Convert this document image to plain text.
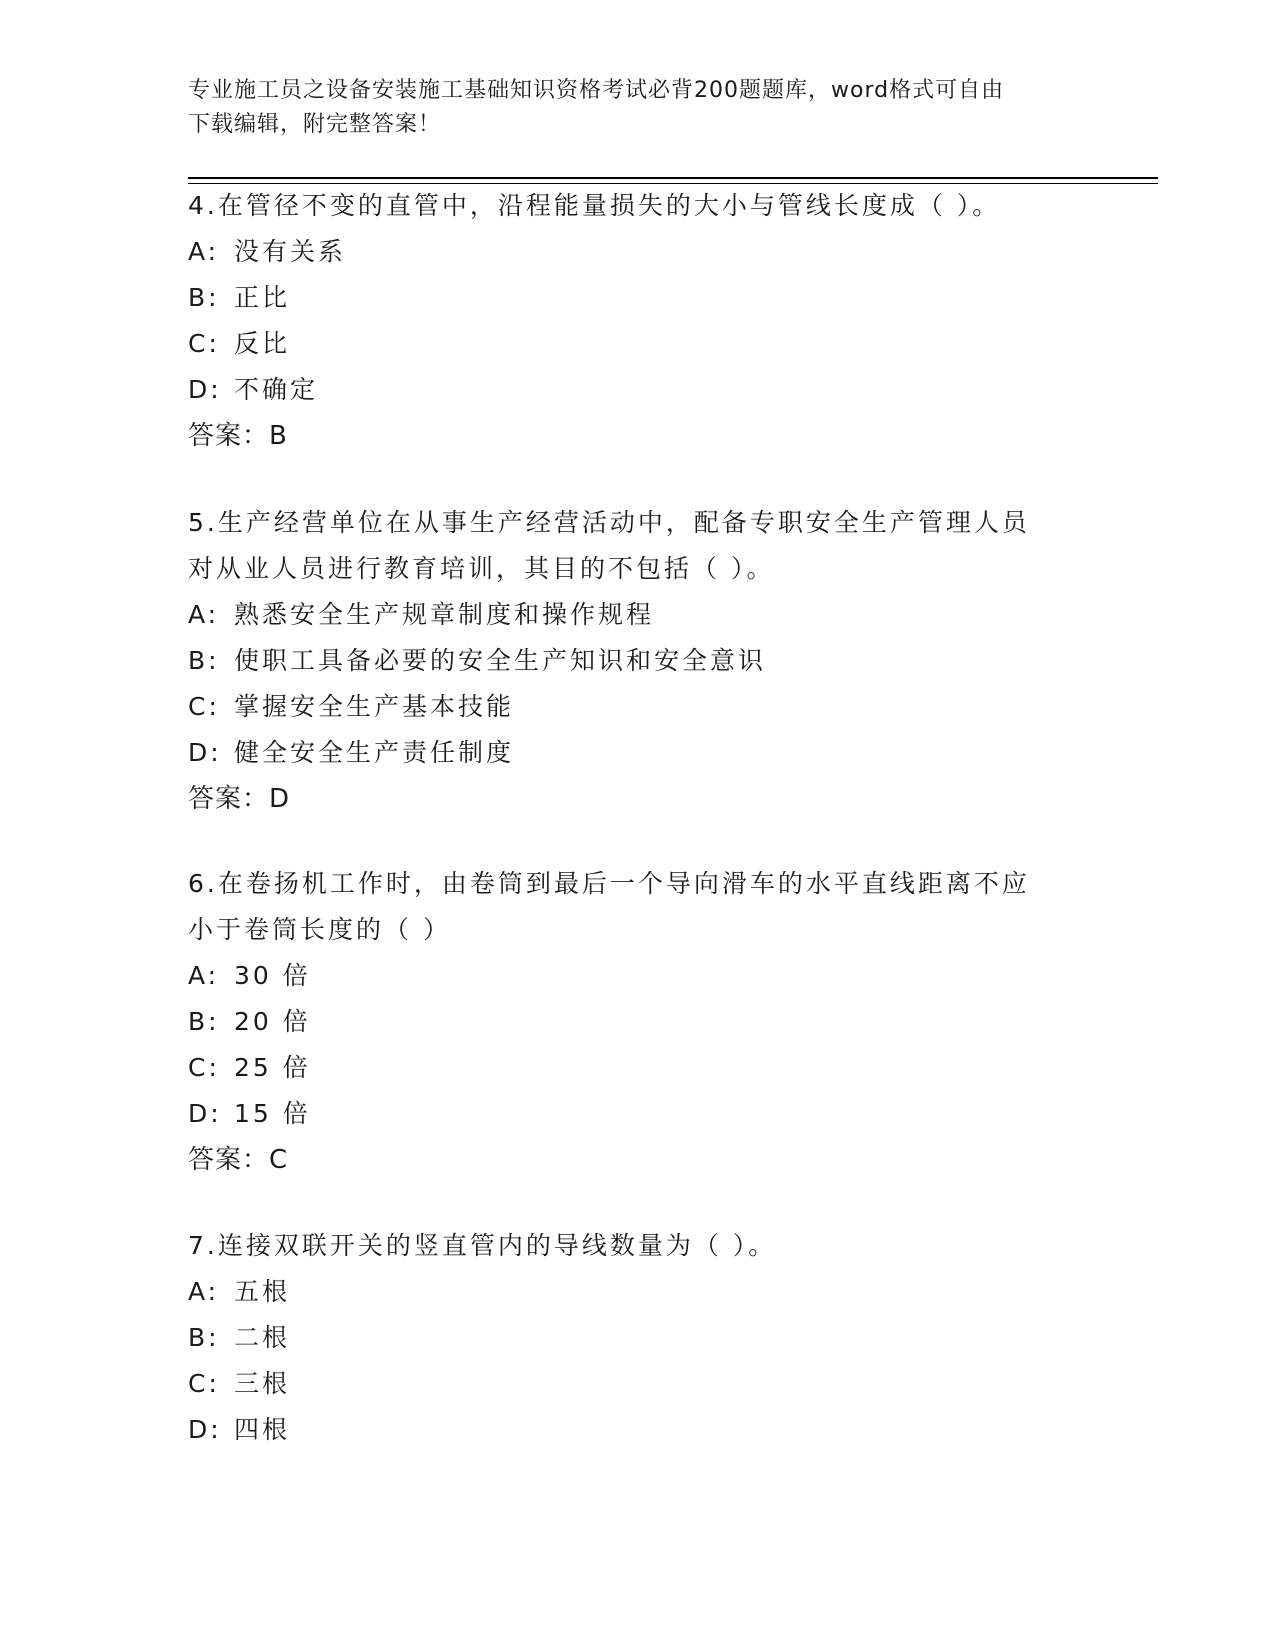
专业施工员之设备安装施工基础知识资格考试必背200题题库，word格式可自由
下载编辑，附完整答案！

4.在管径不变的直管中，沿程能量损失的大小与管线长度成（ ）。

A: 没有关系

B: 正比

C: 反比

D: 不确定

答案：B

5.生产经营单位在从事生产经营活动中，配备专职安全生产管理人员

对从业人员进行教育培训，其目的不包括（ ）。

A: 熟悉安全生产规章制度和操作规程

B: 使职工具备必要的安全生产知识和安全意识

C: 掌握安全生产基本技能

D: 健全安全生产责任制度

答案：D

6.在卷扬机工作时，由卷筒到最后一个导向滑车的水平直线距离不应

小于卷筒长度的（ ）

A: 30 倍

B: 20 倍

C: 25 倍

D: 15 倍

答案：C

7.连接双联开关的竖直管内的导线数量为（ ）。

A: 五根

B: 二根

C: 三根

D: 四根
